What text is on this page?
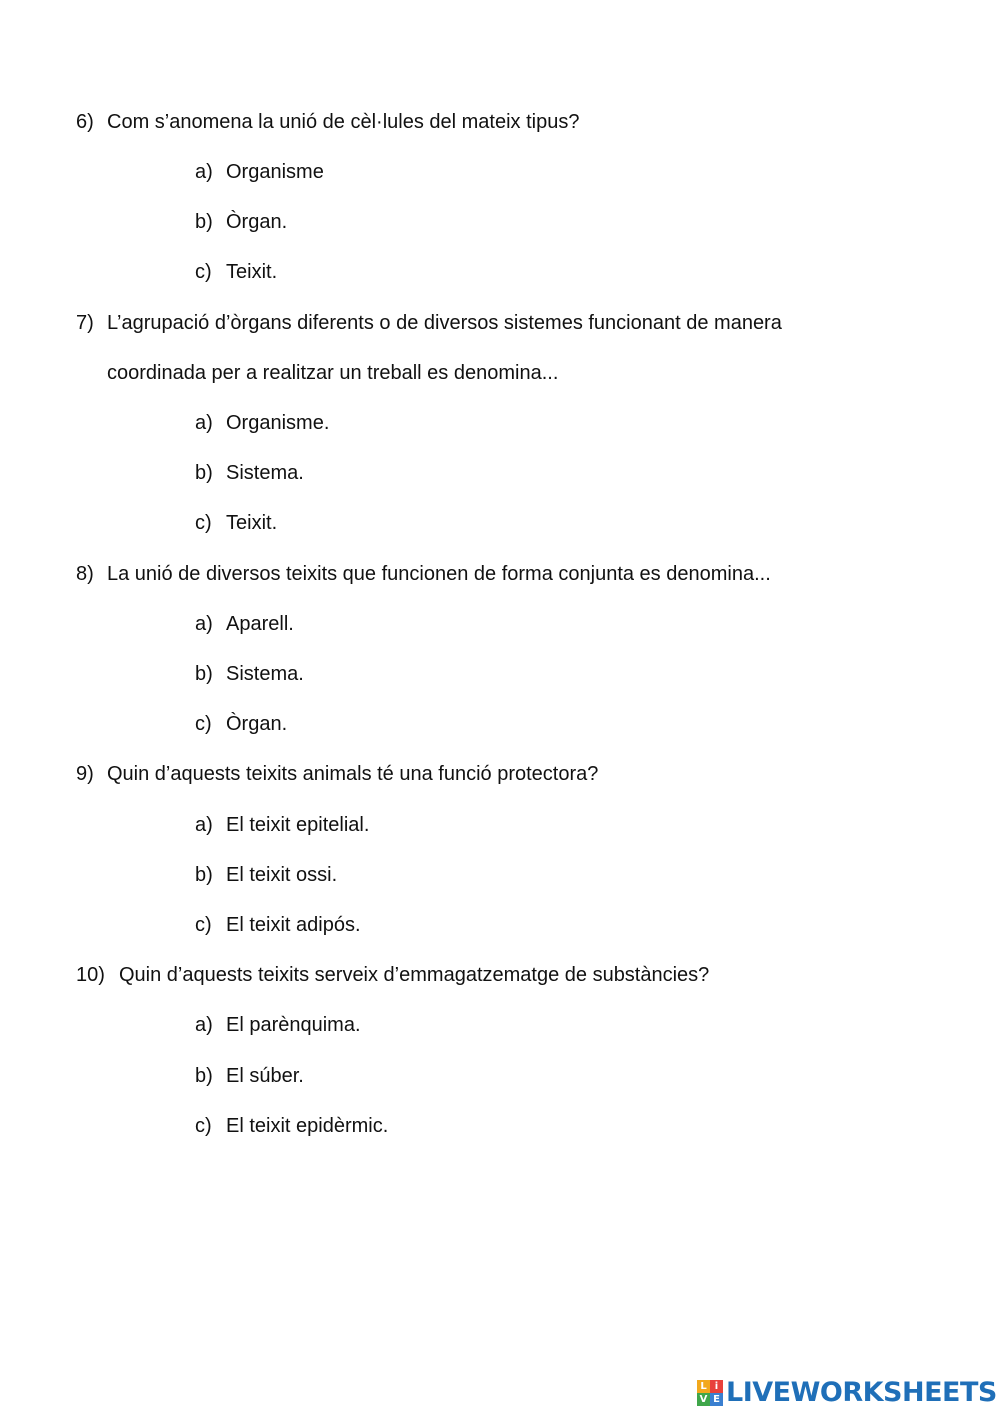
6) Com s’anomena la unió de cèl·lules del mateix tipus?
a) Organisme
b) Òrgan.
c) Teixit.
7) L’agrupació d’òrgans diferents o de diversos sistemes funcionant de manera
coordinada per a realitzar un treball es denomina...
a) Organisme.
b) Sistema.
c) Teixit.
8) La unió de diversos teixits que funcionen de forma conjunta es denomina...
a) Aparell.
b) Sistema.
c) Òrgan.
9) Quin d’aquests teixits animals té una funció protectora?
a) El teixit epitelial.
b) El teixit ossi.
c) El teixit adipós.
10) Quin d’aquests teixits serveix d’emmagatzematge de substàncies?
a) El parènquima.
b) El súber.
c) El teixit epidèrmic.
L i
V E LIVEWORKSHEETS
